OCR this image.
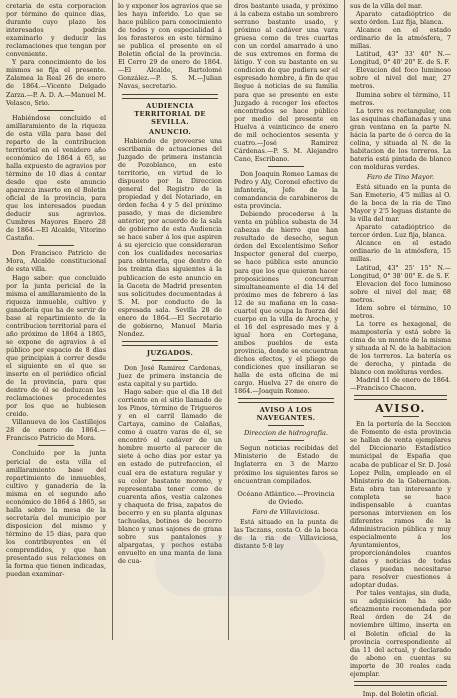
cretaria de esta corporacion por término de quince dias, durante cuyo plazo los interesados podrán examinarlo y deducir las reclamaciones que tengan por conveniente.

Y para conocimiento de los mismos se fija el presente. Zalamea la Real 26 de enero de 1864.—Vicente Delgado Zarza.—P. A. D. A.—Manuel M. Velasco, Srio.

Habiéndose concluido el amillaramiento de la riqueza de esta villa para base del reparto de la contribucion territorial en el venidero año económico de 1864 á 65, se halla expuesto de agravios por término de 10 dias á contar desde que este anuncio aparezca inserto en el Boletin oficial de la provincia, para que los interesados puedan deducir sus agravios. Cumbres Mayores Enero 28 de 1864.—El Alcalde, Vitorino Castaño.

Don Francisco Patricio de Mora, Alcalde constitucional de esta villa.

Hago saber: que concluido por la junta pericial de la misma el amillaramiento de la riqueza inmueble, cultivo y ganadería que ha de servir de base al repartimiento de la contribucion territorial para el año próximo de 1864 á 1865, se expone de agravios á el público por espacio de 8 dias que principian á correr desde el siguiente en el que se inserte en el periódico oficial de la provincia, para que dentro de él se deduzcan las reclamaciones procedentes por los que se hubiesen creido.

Villanueva de los Castillejos 28 de enero de 1864.—Francisco Patricio de Mora.

Concluido por la junta pericial de esta villa el amillaramiento base del repartimiento de inmuebles, cultivo y ganadería de la misma en el segundo año económico de 1864 á 1865, se halla sobre la mesa de la secretaría del municipio por disposicion del mismo y término de 15 dias, para que los contribuyentes en él comprendidos, y que han presentado sus relaciones en la forma que tienen indicadas, puedan examinar-

lo y exponer los agravios que se les haya inferido. Lo que se hace público para conocimiento de todos y con especialidad á los forasteros en este término se publica el presente en el Boletin oficial de la provincia. El Cerro 29 de enero de 1864.—El Alcalde, Bartolomé González.—P. S. M.—Julian Navas, secretario.

AUDIENCIA TERRITORIAL DE SEVILLA.
ANUNCIO.

Habiendo de proveerse una escribanía de actuaciones del Juzgado de primera instancia de Pozoblanco, en este territorio, en virtud de lo dispuesto por la Direccion general del Registro de la propiedad y del Notariado, en órden fecha 4 y 5 del próximo pasado, y mas de diciembre anterior, por acuerdo de la sala de gobierno de esta Audiencia se hace saber á los que aspiren á su ejercicio que consideraran con los cualidades necesarias para obtenerla, que dentro de los treinta dias siguientes á la publicacion de este anuncio en la Gaceta de Madrid presenten sus solicitudes documentadas á S. M. por conducto de la espresada sala. Sevilla 28 de enero de 1864.—El Secretario de gobierno, Manuel Maria Nondez.

JUZGADOS.

Don José Ramirez Cardenas, Juez de primera instancia de esta capital y su partido.

Hago saber: que el dia 18 del corriente en el sitio llamado de los Pinos, término de Trigueros y en el carril llamado de Cartaya, camino de Calañas, como á cuatro varas de él, se encontró el cadáver de un hombre muerto al parecer de siete á ocho dias por estar ya en estado de putrefaccion, el cual era de estatura regular y su color bastante moreno, y representaba tener como de cuarenta años, vestia calzones y chaqueta de frisa, zapatos de becerro y en su planta algunas tachuelas, botines de becerro blanco y unas sajones de grana sobre sus pantalones y alpargatas, y pechos estaba envuelto en una manta de lana de cua-

dros bastante usada, y próximo á la cabeza estaba un sombrero serrano bastante usado, y próximo al cadáver una vara gruesa como de tres cuartas con un cordel amarrado á uno de sus extremos en forma de látigo. Y con su bastante en su condicion de que pudiera ser el espresado hombre, á fin de que llegue á noticias de su familia para que se presente en este Juzgado á recoger los efectos encontrados se hace público por medio del presente en Huelva á veinticinco de enero de mil ochocientos sesenta y cuatro.—José Ramirez Cárdenas.—P. S. M. Alejandro Cano, Escribano.

Don Joaquin Romeo Lamas de Pedro y Aly, Coronel efectivo de infantería, Jefe de la comandancia de carabineros de esta provincia.

Debiendo procederse á la venta en pública subasta de 34 cabezas de hierro que han resultado de desecho, segun órden del Excelentísimo Señor Inspector general del cuerpo, se hace pública este anuncio para que los que quieran hacer proposiciones concurran simultaneamente el dia 14 del próximo mes de febrero á las 12 de su mañana en la casa-cuartel que ocupa la fuerza del cuerpo en la villa de Aroche, y el 16 del espresado mes y á igual hora en Cortegana, ambos pueblos de esta provincia, donde se encuentran dichos efectos, y el pliego de condiciones que insiliaran se halla de esta oficina de mi cargo. Huelva 27 de enero de 1864.—Joaquin Romeo.

AVISO Á LOS NAVEGANTES.
Direccion de hidrografía.

Segun noticias recibidas del Ministerio de Estado de Inglaterra en 3 de Marzo próximo los siguientes faros se encuentran compilados.

Océano Atlántico.—Provincia de Oviedo.
Faro de Villaviciosa.

Está situado en la punta de las Taczans, costa O. de la boca de la ria de Villaviciosa, distante 5·8 ley

sus de la villa del mar.

Aparato catadióptrico de sexto órden. Luz fija, blanca.

Alcance en el estado ordinario de la atmósfera, 7 millas.

Latitud, 43° 33' 40" N.—Longitud, 0° 40' 20" E. de S. F.

Elevacion del foco luminoso sobre el nivel del mar, 27 metros.

Ilumina sobre el término, 11 metros.

La torre es rectangular, con las esquinas chaflanadas y una gran ventana en la parte N. hácia la parte de ó cerca de la colina, y situada al N. de la habitacion de los torreros. La batería está pintada de blanco con molduras verdes.

Faro de Tino Mayor.

Está situado en la punta de San Emeterio, 4'5 millas al O. de la boca de la ria de Tino Mayor y 2'5 leguas distante de la villa del mar.

Aparato catadióptrico de tercer órden. Luz fija, blanca.

Alcance en el estado ordinario de la atmósfera, 15 millas.

Latitud, 43° 25' 15" N.—Longitud, 0° 38' 00" E. de S. F.

Elevacion del foco luminoso sobre el nivel del mar, 68 metros.

Idem sobre el término, 10 metros.

La torre es hexagonal, de mampostería y está sobre la cima de un monte de la misma y situada al N. de la habitacion de los torreros. La batería es de derecha, y pintada de blanco con molduras verdes.

Madrid 11 de enero de 1864.—Francisco Chacon.

AVISO.

En la portería de la Seccion de Fomento de esta provincia se hallan de venta ejemplares del Diccionario Estadístico municipal de España que acaba de publicar el Sr. D. José Lopez Pelin, empleado en el Ministerio de la Gobernacion. Esta obra tan interesante y completa se hace indispensable á cuantas personas intervienen en los diferentes ramos de la Administracion pública y muy especialmente á los Ayuntamientos, proporcionándoles cuantos datos y noticias de todas clases puedan necesitarse para resolver cuestiones á adoptar dudas.

Por tales ventajas, sin duda, su adquisicion ha sido eficazmente recomendada por Real órden de 24 de noviembre último, inserta en el Boletin oficial de la provincia correspondiente al dia 11 del actual, y declarado de abono en cuentas su importe de 30 reales cada ejemplar.

Imp. del Boletin oficial.
